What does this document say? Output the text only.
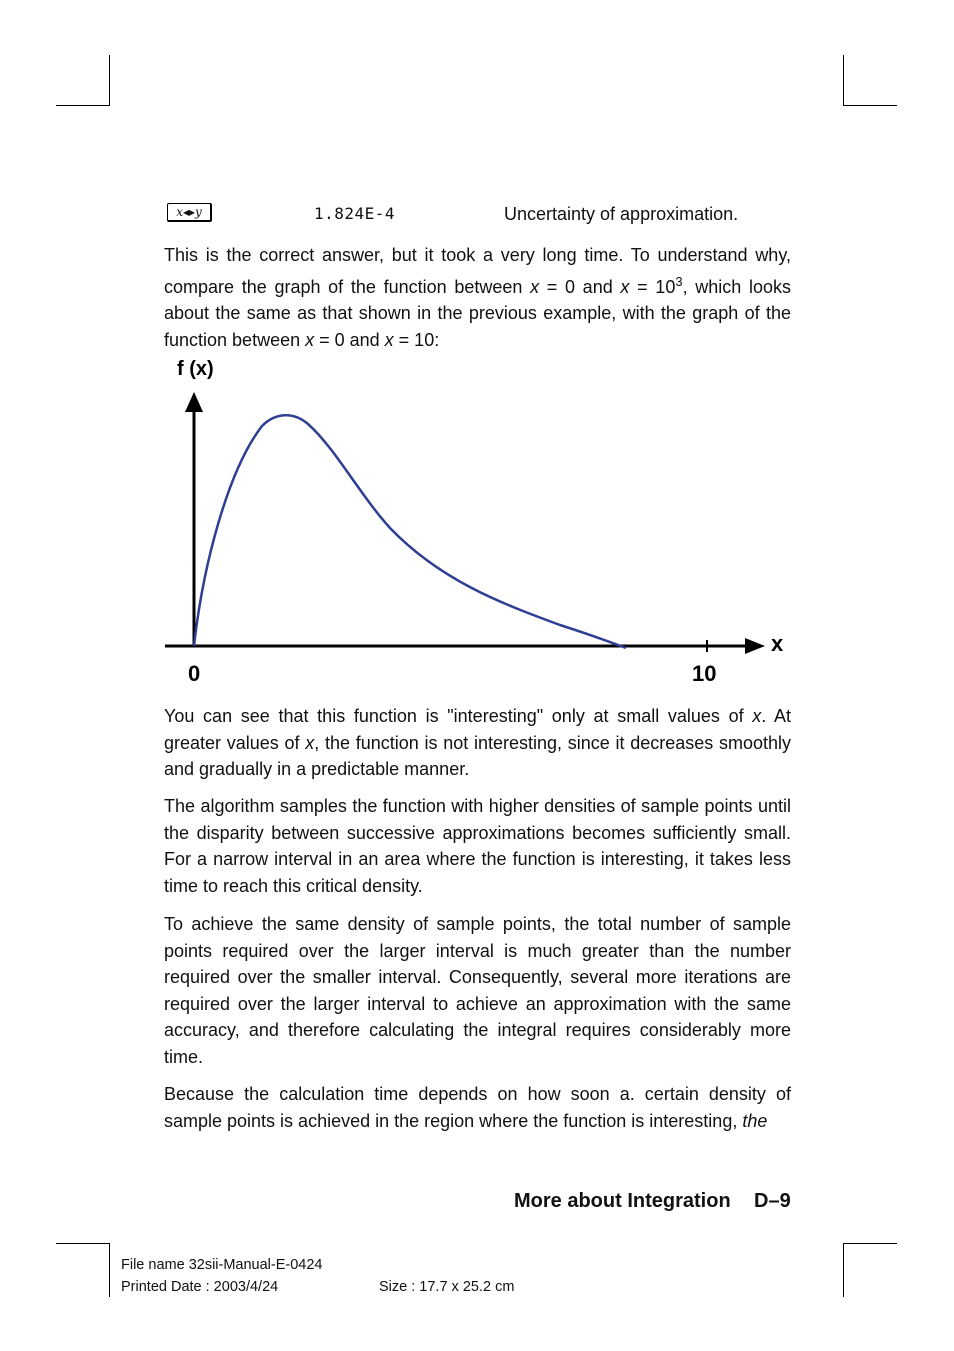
x◂▸y	1.824E-4	Uncertainty of approximation.
This is the correct answer, but it took a very long time. To understand why, compare the graph of the function between x = 0 and $x = 10^3$, which looks about the same as that shown in the previous example, with the graph of the function between x = 0 and x = 10:
f (x)
x
0	10
You can see that this function is "interesting" only at small values of x. At greater values of x, the function is not interesting, since it decreases smoothly and gradually in a predictable manner.
The algorithm samples the function with higher densities of sample points until the disparity between successive approximations becomes sufficiently small. For a narrow interval in an area where the function is interesting, it takes less time to reach this critical density.
To achieve the same density of sample points, the total number of sample points required over the larger interval is much greater than the number required over the smaller interval. Consequently, several more iterations are required over the larger interval to achieve an approximation with the same accuracy, and therefore calculating the integral requires considerably more time.
Because the calculation time depends on how soon a. certain density of sample points is achieved in the region where the function is interesting, the
More about Integration D–9
File name 32sii-Manual-E-0424
Printed Date : 2003/4/24	Size : 17.7 x 25.2 cm
